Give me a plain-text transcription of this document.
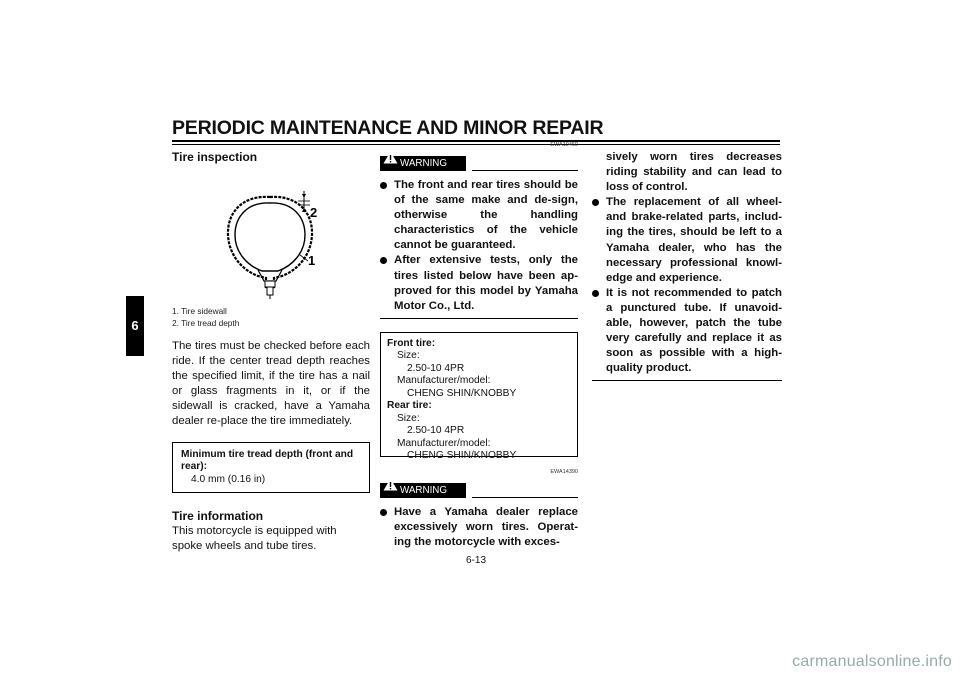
PERIODIC MAINTENANCE AND MINOR REPAIR
6
Tire inspection
2
1
1. Tire sidewall
2. Tire tread depth

The tires must be checked before each ride. If the center tread depth reaches the specified limit, if the tire has a nail or glass fragments in it, or if the sidewall is cracked, have a Yamaha dealer re-place the tire immediately.

Minimum tire tread depth (front and rear):
4.0 mm (0.16 in)
Tire information

This motorcycle is equipped with spoke wheels and tube tires.

EWA10460
WARNING
The front and rear tires should be of the same make and de-sign, otherwise the handling characteristics of the vehicle cannot be guaranteed.
After extensive tests, only the tires listed below have been ap-proved for this model by Yamaha Motor Co., Ltd.
Front tire:
Size:
2.50-10 4PR
Manufacturer/model:
CHENG SHIN/KNOBBY
Rear tire:
Size:
2.50-10 4PR
Manufacturer/model:
CHENG SHIN/KNOBBY
EWA14390
WARNING
Have a Yamaha dealer replace excessively worn tires. Operat-ing the motorcycle with exces-
sively worn tires decreases riding stability and can lead to loss of control.
The replacement of all wheel- and brake-related parts, includ-ing the tires, should be left to a Yamaha dealer, who has the necessary professional knowl-edge and experience.
It is not recommended to patch a punctured tube. If unavoid-able, however, patch the tube very carefully and replace it as soon as possible with a high-quality product.
6-13
carmanualsonline.info
